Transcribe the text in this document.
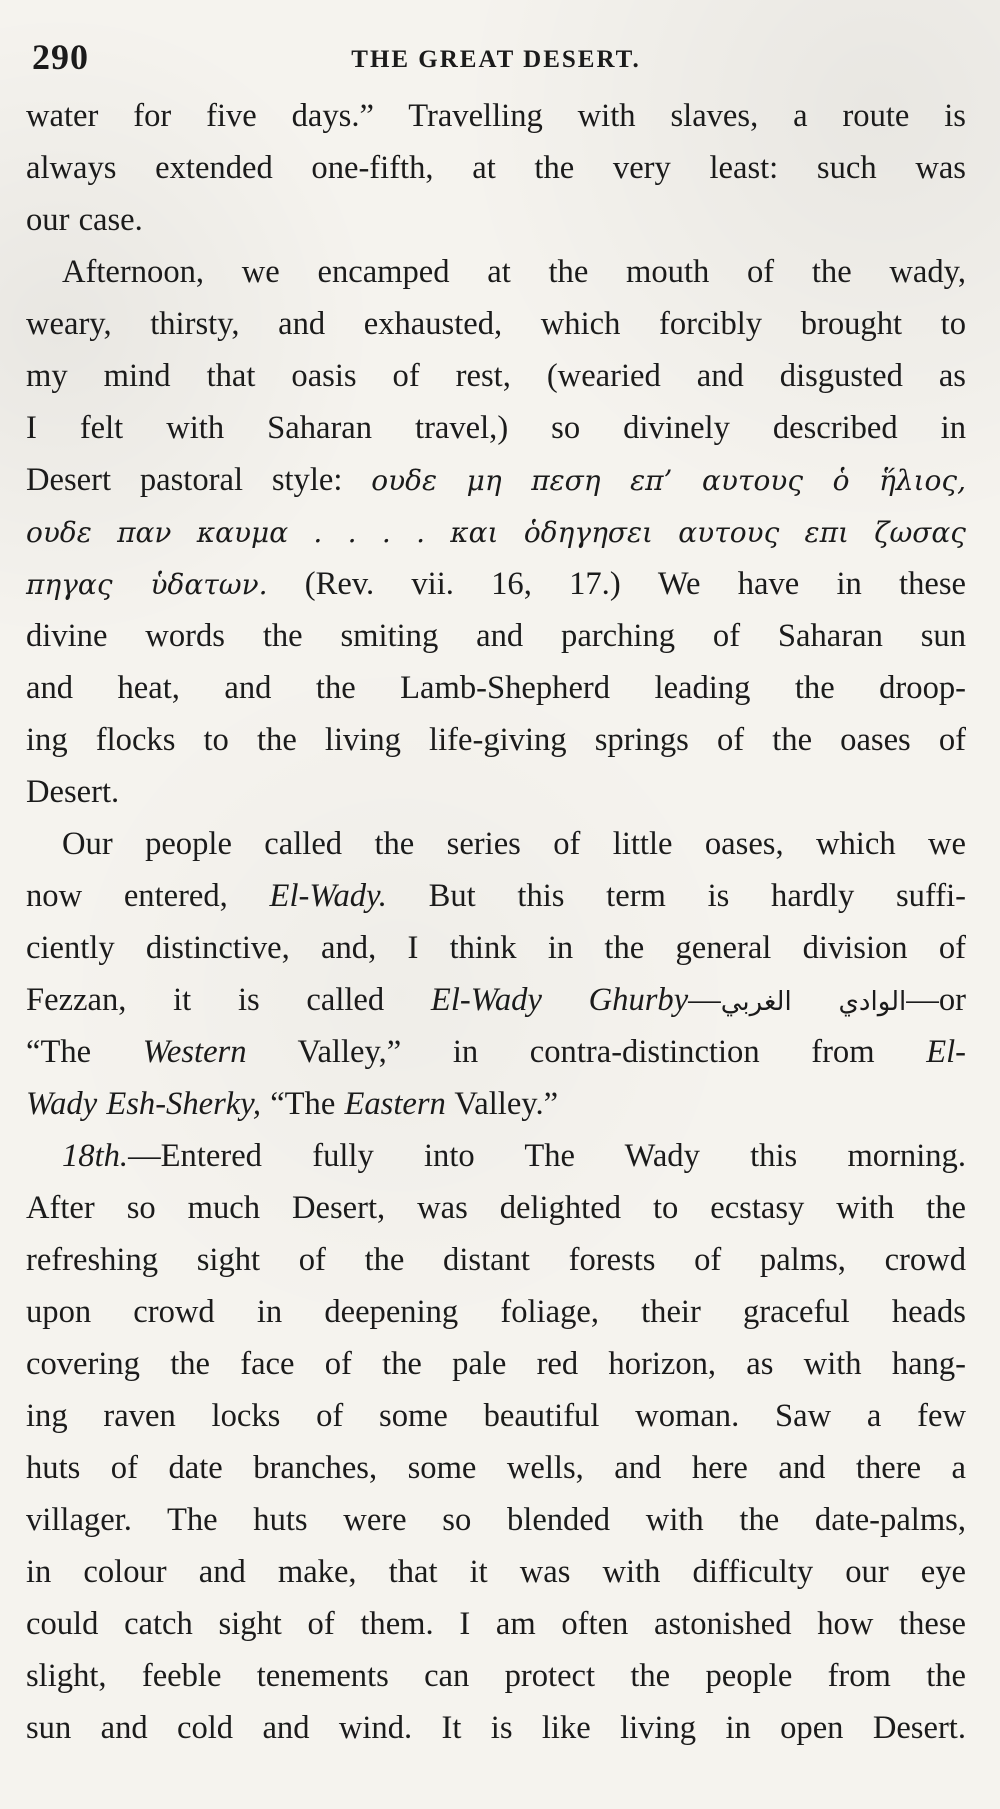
290	THE GREAT DESERT.
water for five days.” Travelling with slaves, a route is
always extended one-fifth, at the very least: such was
our case.
Afternoon, we encamped at the mouth of the wady,
weary, thirsty, and exhausted, which forcibly brought to
my mind that oasis of rest, (wearied and disgusted as
I felt with Saharan travel,) so divinely described in
Desert pastoral style: ουδε μη πεση επ’ αυτους ὁ ἥλιος,
ουδε παν καυμα . . . . και ὁδηγησει αυτους επι ζωσας
πηγας ὑδατων. (Rev. vii. 16, 17.) We have in these
divine words the smiting and parching of Saharan sun
and heat, and the Lamb-Shepherd leading the droop-
ing flocks to the living life-giving springs of the oases of
Desert.
Our people called the series of little oases, which we
now entered, El-Wady. But this term is hardly suffi-
ciently distinctive, and, I think in the general division of
Fezzan, it is called El-Wady Ghurby—الوادي الغربي—or
“The Western Valley,” in contra-distinction from El-
Wady Esh-Sherky, “The Eastern Valley.”
18th.—Entered fully into The Wady this morning.
After so much Desert, was delighted to ecstasy with the
refreshing sight of the distant forests of palms, crowd
upon crowd in deepening foliage, their graceful heads
covering the face of the pale red horizon, as with hang-
ing raven locks of some beautiful woman. Saw a few
huts of date branches, some wells, and here and there a
villager. The huts were so blended with the date-palms,
in colour and make, that it was with difficulty our eye
could catch sight of them. I am often astonished how these
slight, feeble tenements can protect the people from the
sun and cold and wind. It is like living in open Desert.
